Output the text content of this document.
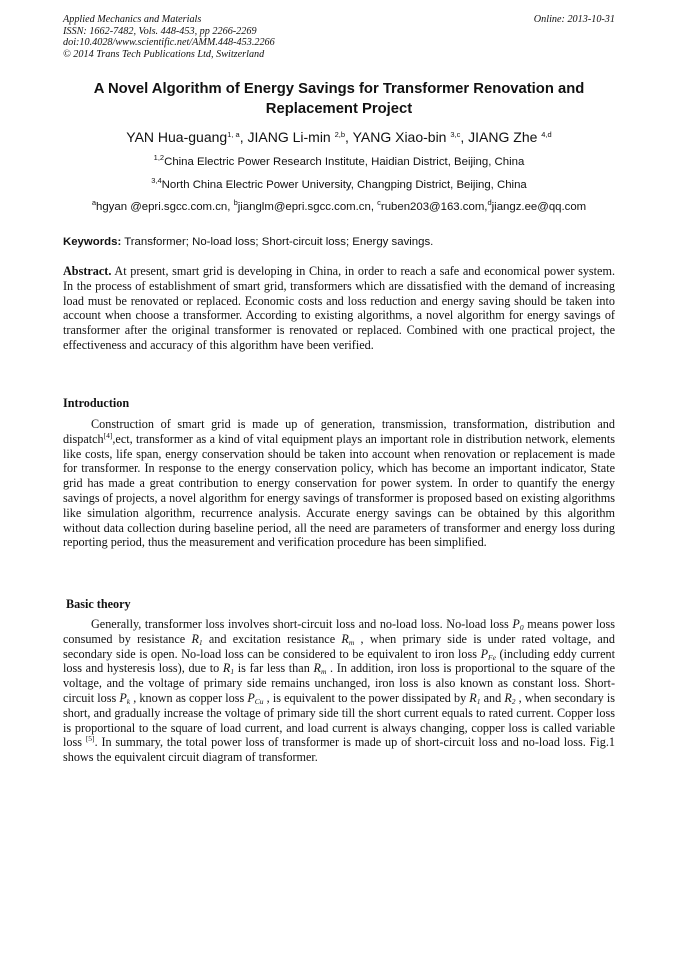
Applied Mechanics and Materials
ISSN: 1662-7482, Vols. 448-453, pp 2266-2269
doi:10.4028/www.scientific.net/AMM.448-453.2266
© 2014 Trans Tech Publications Ltd, Switzerland
Online: 2013-10-31
A Novel Algorithm of Energy Savings for Transformer Renovation and
Replacement Project
YAN Hua-guang$^{1, a}$, JIANG Li-min $^{2,b}$, YANG Xiao-bin $^{3,c}$, JIANG Zhe $^{4,d}$
$^{1,2}$China Electric Power Research Institute, Haidian District, Beijing, China
$^{3,4}$North China Electric Power University, Changping District, Beijing, China
$^a$hgyan @epri.sgcc.com.cn, $^b$jianglm@epri.sgcc.com.cn, $^c$ruben203@163.com,$^d$jiangz.ee@qq.com
Keywords: Transformer; No-load loss; Short-circuit loss; Energy savings.
Abstract. At present, smart grid is developing in China, in order to reach a safe and economical power system. In the process of establishment of smart grid, transformers which are dissatisfied with the demand of increasing load must be renovated or replaced. Economic costs and loss reduction and energy saving should be taken into account when choose a transformer. According to existing algorithms, a novel algorithm for energy savings of transformer after the original transformer is renovated or replaced. Combined with one practical project, the effectiveness and accuracy of this algorithm have been verified.
Introduction
Construction of smart grid is made up of generation, transmission, transformation, distribution and dispatch[4],ect, transformer as a kind of vital equipment plays an important role in distribution network, elements like costs, life span, energy conservation should be taken into account when renovation or replacement is made for transformer. In response to the energy conservation policy, which has become an important indicator, State grid has made a great contribution to energy conservation for power system. In order to quantify the energy savings of projects, a novel algorithm for energy savings of transformer is proposed based on existing algorithms like simulation algorithm, recurrence analysis. Accurate energy savings can be obtained by this algorithm without data collection during baseline period, all the need are parameters of transformer and energy loss during reporting period, thus the measurement and verification procedure has been simplified.
Basic theory
Generally, transformer loss involves short-circuit loss and no-load loss. No-load loss $P_0$ means power loss consumed by resistance $R_1$ and excitation resistance $R_m$ , when primary side is under rated voltage, and secondary side is open. No-load loss can be considered to be equivalent to iron loss $P_{Fe}$ (including eddy current loss and hysteresis loss), due to $R_1$ is far less than $R_m$ . In addition, iron loss is proportional to the square of the voltage, and the voltage of primary side remains unchanged, iron loss is also known as constant loss. Short-circuit loss $P_k$ , known as copper loss $P_{Cu}$ , is equivalent to the power dissipated by $R_1$ and $R_2$ , when secondary is short, and gradually increase the voltage of primary side till the short current equals to rated current. Copper loss is proportional to the square of load current, and load current is always changing, copper loss is called variable loss [5]. In summary, the total power loss of transformer is made up of short-circuit loss and no-load loss. Fig.1 shows the equivalent circuit diagram of transformer.
